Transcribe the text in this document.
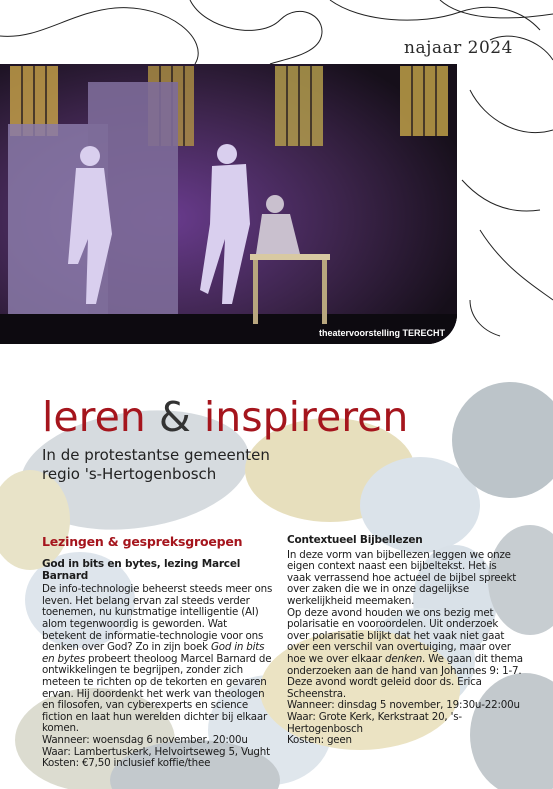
najaar 2024
theatervoorstelling TERECHT
leren & inspireren
In de protestantse gemeenten regio 's-Hertogenbosch
Lezingen & gespreksgroepen
God in bits en bytes, lezing Marcel Barnard

De info-technologie beheerst steeds meer ons leven. Het belang ervan zal steeds verder toenemen, nu kunstmatige intelligentie (AI) alom tegenwoordig is geworden. Wat betekent de informatie-technologie voor ons denken over God? Zo in zijn boek God in bits en bytes probeert theoloog Marcel Barnard de ontwikkelingen te begrijpen, zonder zich meteen te richten op de tekorten en gevaren ervan. Hij doordenkt het werk van theologen en filosofen, van cyberexperts en science fiction en laat hun werelden dichter bij elkaar komen.

Wanneer: woensdag 6 november, 20:00u

Waar: Lambertuskerk, Helvoirtseweg 5, Vught

Kosten: €7,50 inclusief koffie/thee

Contextueel Bijbellezen

In deze vorm van bijbellezen leggen we onze eigen context naast een bijbeltekst. Het is vaak verrassend hoe actueel de bijbel spreekt over zaken die we in onze dagelijkse werkelijkheid meemaken.

Op deze avond houden we ons bezig met polarisatie en vooroordelen. Uit onderzoek over polarisatie blijkt dat het vaak niet gaat over een verschil van overtuiging, maar over hoe we over elkaar denken. We gaan dit thema onderzoeken aan de hand van Johannes 9: 1-7. Deze avond wordt geleid door ds. Erica Scheenstra.

Wanneer: dinsdag 5 november, 19:30u-22:00u

Waar: Grote Kerk, Kerkstraat 20, 's-Hertogenbosch

Kosten: geen
